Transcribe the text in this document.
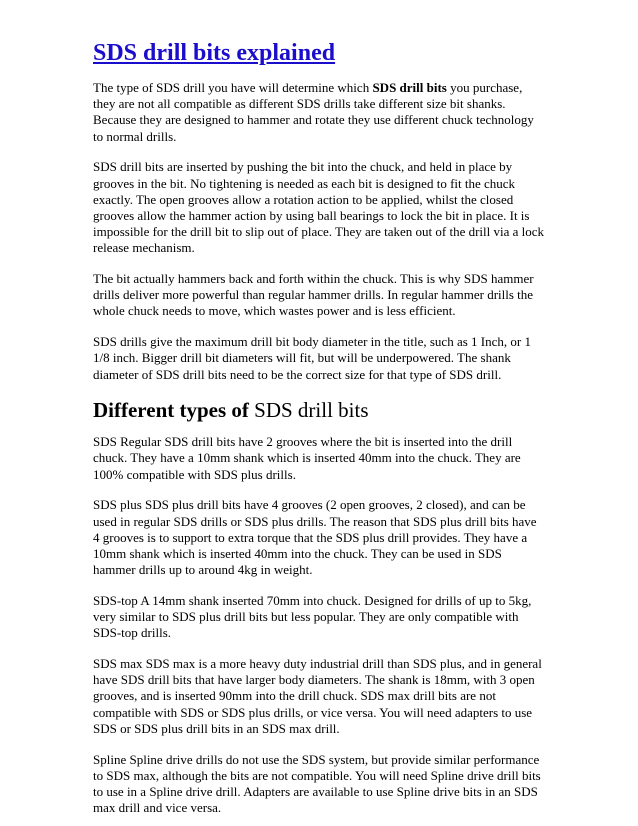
SDS drill bits explained

The type of SDS drill you have will determine which SDS drill bits you purchase, they are not all compatible as different SDS drills take different size bit shanks. Because they are designed to hammer and rotate they use different chuck technology to normal drills.

SDS drill bits are inserted by pushing the bit into the chuck, and held in place by grooves in the bit. No tightening is needed as each bit is designed to fit the chuck exactly. The open grooves allow a rotation action to be applied, whilst the closed grooves allow the hammer action by using ball bearings to lock the bit in place. It is impossible for the drill bit to slip out of place. They are taken out of the drill via a lock release mechanism.

The bit actually hammers back and forth within the chuck. This is why SDS hammer drills deliver more powerful than regular hammer drills. In regular hammer drills the whole chuck needs to move, which wastes power and is less efficient.

SDS drills give the maximum drill bit body diameter in the title, such as 1 Inch, or 1 1/8 inch. Bigger drill bit diameters will fit, but will be underpowered. The shank diameter of SDS drill bits need to be the correct size for that type of SDS drill.

Different types of SDS drill bits

SDS Regular SDS drill bits have 2 grooves where the bit is inserted into the drill chuck. They have a 10mm shank which is inserted 40mm into the chuck. They are 100% compatible with SDS plus drills.

SDS plus SDS plus drill bits have 4 grooves (2 open grooves, 2 closed), and can be used in regular SDS drills or SDS plus drills. The reason that SDS plus drill bits have 4 grooves is to support to extra torque that the SDS plus drill provides. They have a 10mm shank which is inserted 40mm into the chuck. They can be used in SDS hammer drills up to around 4kg in weight.

SDS-top A 14mm shank inserted 70mm into chuck. Designed for drills of up to 5kg, very similar to SDS plus drill bits but less popular. They are only compatible with SDS-top drills.

SDS max SDS max is a more heavy duty industrial drill than SDS plus, and in general have SDS drill bits that have larger body diameters. The shank is 18mm, with 3 open grooves, and is inserted 90mm into the drill chuck. SDS max drill bits are not compatible with SDS or SDS plus drills, or vice versa. You will need adapters to use SDS or SDS plus drill bits in an SDS max drill.

Spline Spline drive drills do not use the SDS system, but provide similar performance to SDS max, although the bits are not compatible. You will need Spline drive drill bits to use in a Spline drive drill. Adapters are available to use Spline drive bits in an SDS max drill and vice versa.
